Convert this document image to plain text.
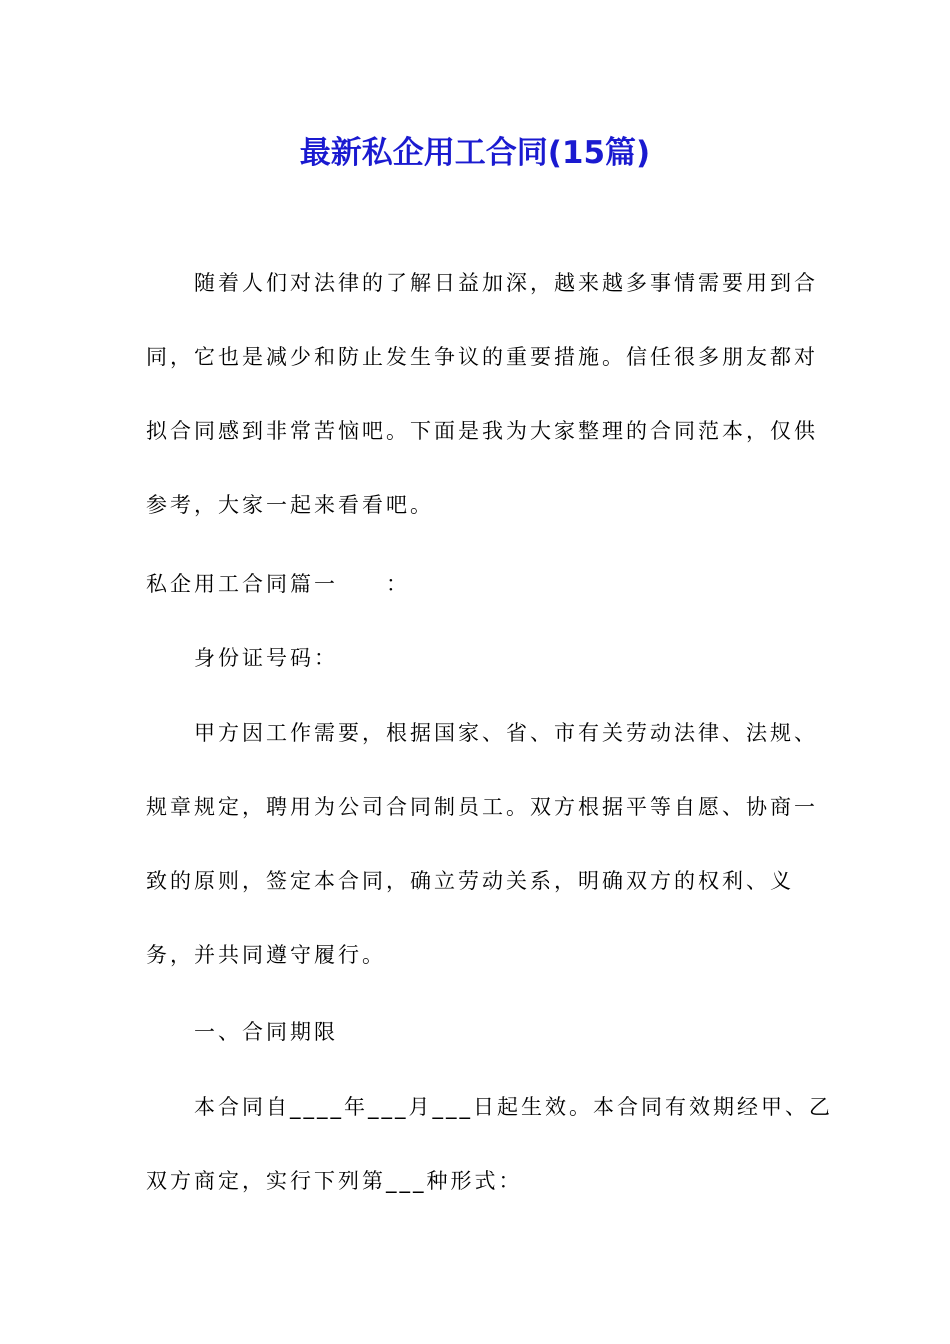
最新私企用工合同(15篇)

随着人们对法律的了解日益加深，越来越多事情需要用到合同，它也是减少和防止发生争议的重要措施。信任很多朋友都对拟合同感到非常苦恼吧。下面是我为大家整理的合同范本，仅供参考，大家一起来看看吧。

私企用工合同篇一　　：

身份证号码：

甲方因工作需要，根据国家、省、市有关劳动法律、法规、规章规定，聘用为公司合同制员工。双方根据平等自愿、协商一致的原则，签定本合同，确立劳动关系，明确双方的权利、义务，并共同遵守履行。

一、合同期限

本合同自____年___月___日起生效。本合同有效期经甲、乙双方商定，实行下列第___种形式：
